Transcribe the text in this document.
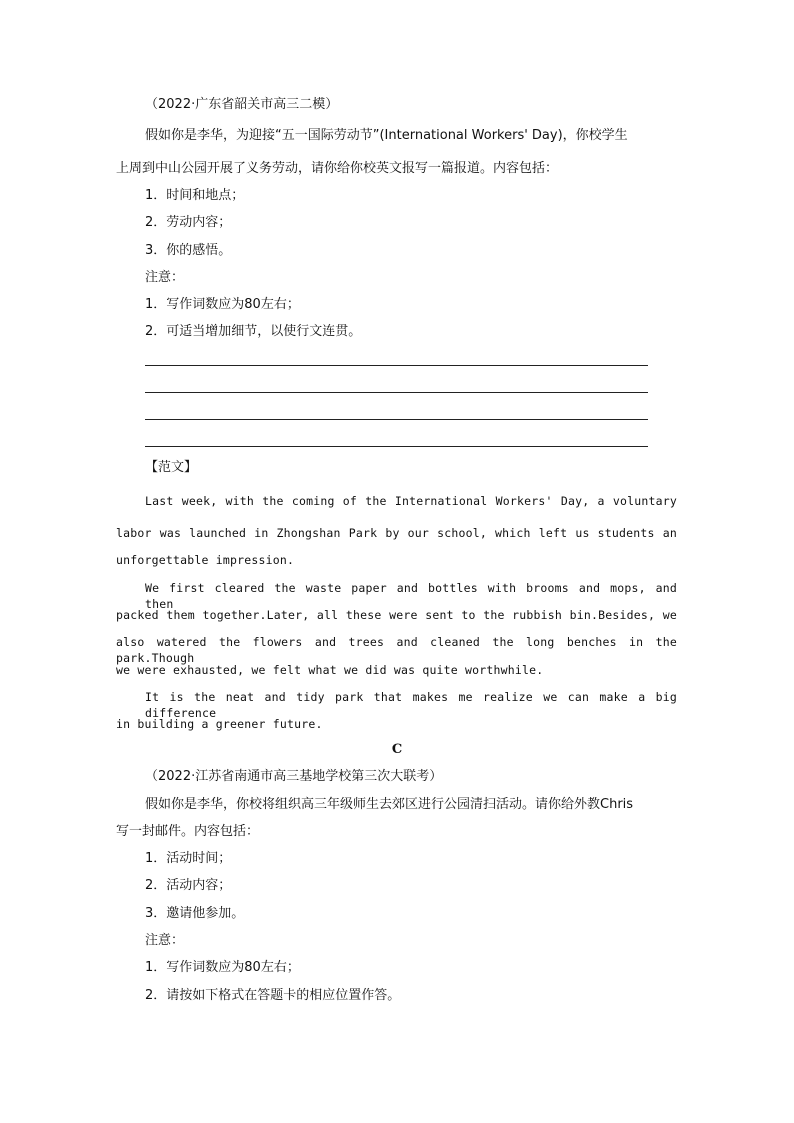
（2022·广东省韶关市高三二模）
假如你是李华，为迎接“五一国际劳动节”(International Workers' Day)，你校学生
上周到中山公园开展了义务劳动，请你给你校英文报写一篇报道。内容包括：
1．时间和地点；
2．劳动内容；
3．你的感悟。
注意：
1．写作词数应为80左右；
2．可适当增加细节，以使行文连贯。
【范文】
Last week, with the coming of the International Workers' Day, a voluntary
labor was launched in Zhongshan Park by our school, which left us students an
unforgettable impression.
We first cleared the waste paper and bottles with brooms and mops, and then
packed them together.Later, all these were sent to the rubbish bin.Besides, we
also watered the flowers and trees and cleaned the long benches in the park.Though
we were exhausted, we felt what we did was quite worthwhile.
It is the neat and tidy park that makes me realize we can make a big difference
in building a greener future.
C
（2022·江苏省南通市高三基地学校第三次大联考）
假如你是李华，你校将组织高三年级师生去郊区进行公园清扫活动。请你给外教Chris
写一封邮件。内容包括：
1．活动时间；
2．活动内容；
3．邀请他参加。
注意：
1．写作词数应为80左右；
2．请按如下格式在答题卡的相应位置作答。
